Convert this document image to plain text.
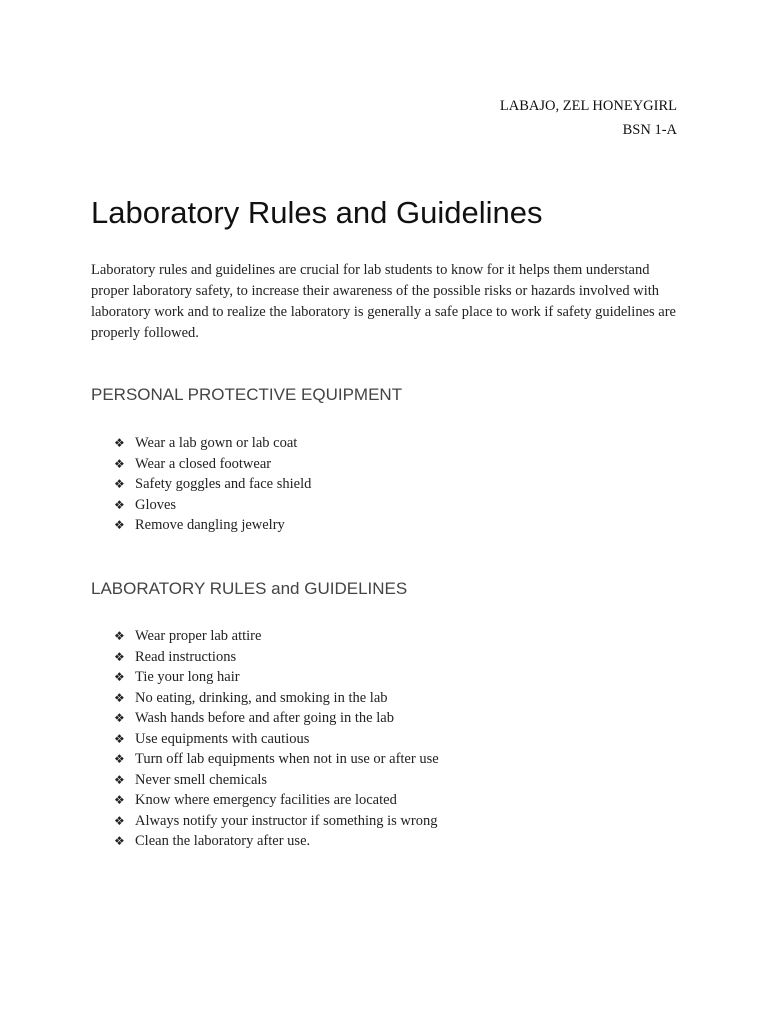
LABAJO, ZEL HONEYGIRL
BSN 1-A
Laboratory Rules and Guidelines

Laboratory rules and guidelines are crucial for lab students to know for it helps them understand proper laboratory safety, to increase their awareness of the possible risks or hazards involved with laboratory work and to realize the laboratory is generally a safe place to work if safety guidelines are properly followed.

PERSONAL PROTECTIVE EQUIPMENT
❖ Wear a lab gown or lab coat
❖ Wear a closed footwear
❖ Safety goggles and face shield
❖ Gloves
❖ Remove dangling jewelry
LABORATORY RULES and GUIDELINES
❖ Wear proper lab attire
❖ Read instructions
❖ Tie your long hair
❖ No eating, drinking, and smoking in the lab
❖ Wash hands before and after going in the lab
❖ Use equipments with cautious
❖ Turn off lab equipments when not in use or after use
❖ Never smell chemicals
❖ Know where emergency facilities are located
❖ Always notify your instructor if something is wrong
❖ Clean the laboratory after use.
